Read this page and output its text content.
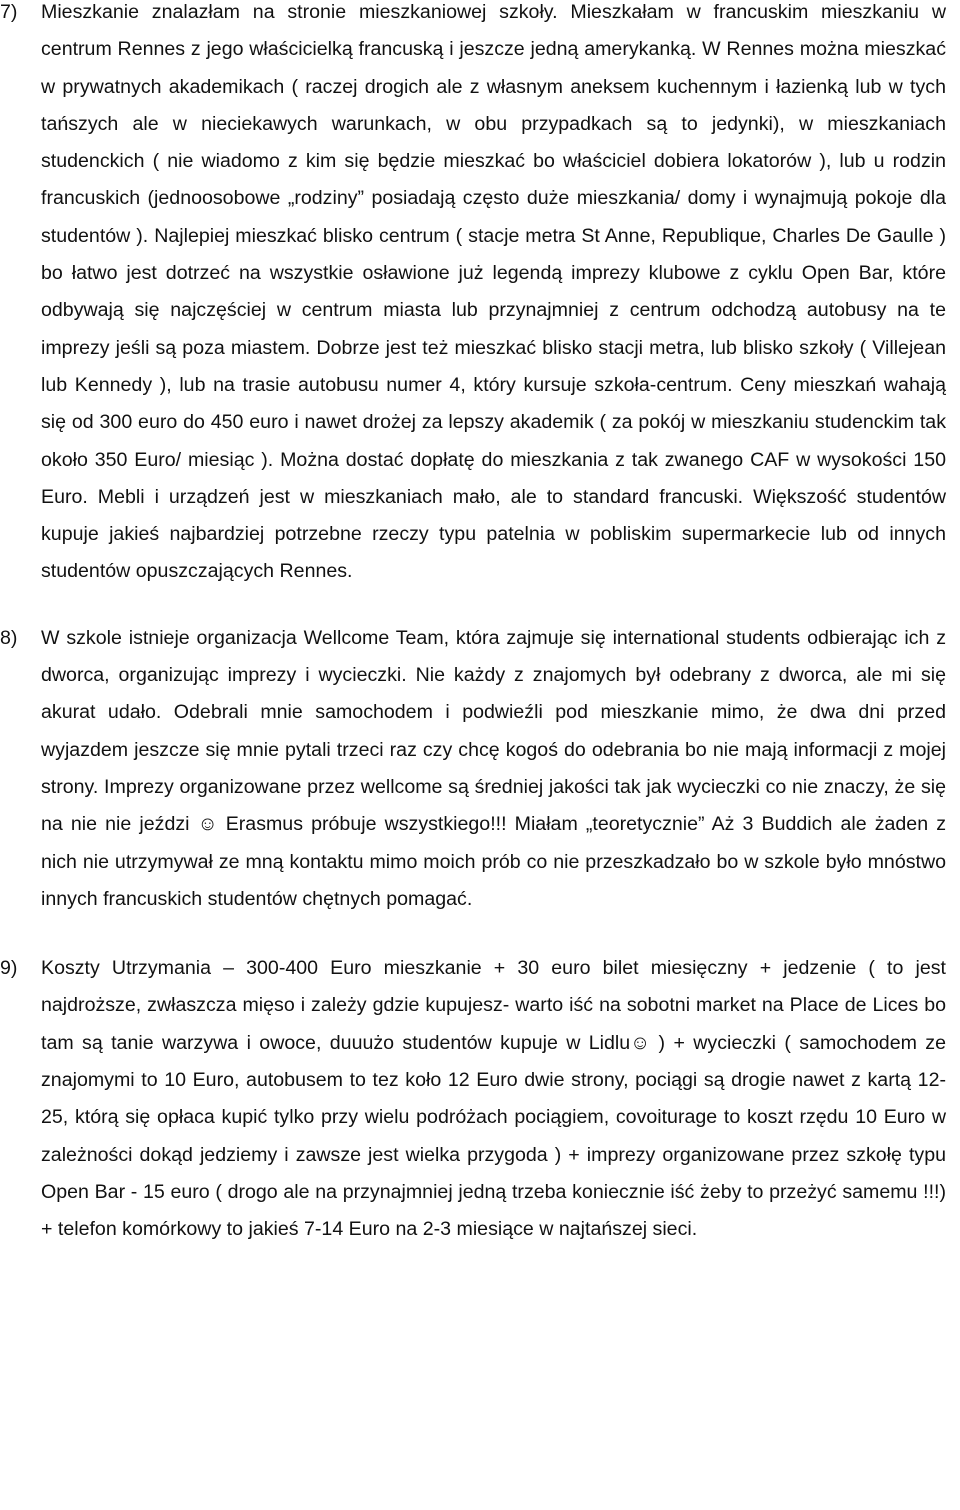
7) Mieszkanie znalazłam na stronie mieszkaniowej szkoły. Mieszkałam w francuskim mieszkaniu w centrum Rennes z jego właścicielką francuską i jeszcze jedną amerykanką. W Rennes można mieszkać w prywatnych akademikach ( raczej drogich ale z własnym aneksem kuchennym i łazienką lub w tych tańszych ale w nieciekawych warunkach, w obu przypadkach są to jedynki), w mieszkaniach studenckich ( nie wiadomo z kim się będzie mieszkać bo właściciel dobiera lokatorów ), lub u rodzin francuskich (jednoosobowe „rodziny” posiadają często duże mieszkania/ domy i wynajmują pokoje dla studentów ). Najlepiej mieszkać blisko centrum ( stacje metra St Anne, Republique, Charles De Gaulle ) bo łatwo jest dotrzeć na wszystkie osławione już legendą imprezy klubowe z cyklu Open Bar, które odbywają się najczęściej w centrum miasta lub przynajmniej z centrum odchodzą autobusy na te imprezy jeśli są poza miastem. Dobrze jest też mieszkać blisko stacji metra, lub blisko szkoły ( Villejean lub Kennedy ), lub na trasie autobusu numer 4, który kursuje szkoła-centrum. Ceny mieszkań wahają się od 300 euro do 450 euro i nawet drożej za lepszy akademik ( za pokój w mieszkaniu studenckim tak około 350 Euro/ miesiąc ). Można dostać dopłatę do mieszkania z tak zwanego CAF w wysokości 150 Euro. Mebli i urządzeń jest w mieszkaniach mało, ale to standard francuski. Większość studentów kupuje jakieś najbardziej potrzebne rzeczy typu patelnia w pobliskim supermarkecie lub od innych studentów opuszczających Rennes.

8) W szkole istnieje organizacja Wellcome Team, która zajmuje się international students odbierając ich z dworca, organizując imprezy i wycieczki. Nie każdy z znajomych był odebrany z dworca, ale mi się akurat udało. Odebrali mnie samochodem i podwieźli pod mieszkanie mimo, że dwa dni przed wyjazdem jeszcze się mnie pytali trzeci raz czy chcę kogoś do odebrania bo nie mają informacji z mojej strony. Imprezy organizowane przez wellcome są średniej jakości tak jak wycieczki co nie znaczy, że się na nie nie jeździ ☺ Erasmus próbuje wszystkiego!!! Miałam „teoretycznie” Aż 3 Buddich ale żaden z nich nie utrzymywał ze mną kontaktu mimo moich prób co nie przeszkadzało bo w szkole było mnóstwo innych francuskich studentów chętnych pomagać.

9) Koszty Utrzymania – 300-400 Euro mieszkanie + 30 euro bilet miesięczny + jedzenie ( to jest najdroższe, zwłaszcza mięso i zależy gdzie kupujesz- warto iść na sobotni market na Place de Lices bo tam są tanie warzywa i owoce, duuużo studentów kupuje w Lidlu☺ ) + wycieczki ( samochodem ze znajomymi to 10 Euro, autobusem to tez koło 12 Euro dwie strony, pociągi są drogie nawet z kartą 12-25, którą się opłaca kupić tylko przy wielu podróżach pociągiem, covoiturage to koszt rzędu 10 Euro w zależności dokąd jedziemy i zawsze jest wielka przygoda ) + imprezy organizowane przez szkołę typu Open Bar - 15 euro ( drogo ale na przynajmniej jedną trzeba koniecznie iść żeby to przeżyć samemu !!!) + telefon komórkowy to jakieś 7-14 Euro na 2-3 miesiące w najtańszej sieci.
